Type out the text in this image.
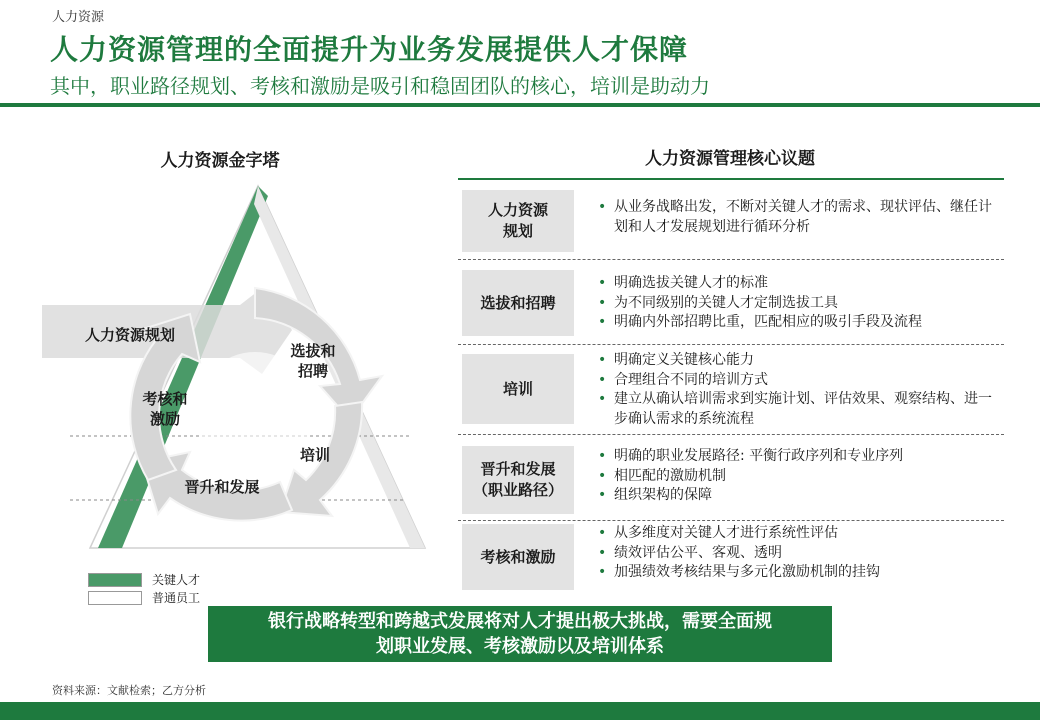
人力资源
人力资源管理的全面提升为业务发展提供人才保障
其中，职业路径规划、考核和激励是吸引和稳固团队的核心，培训是助动力
人力资源金字塔
人力资源规划
选拔和
招聘
培训
晋升和发展
考核和
激励
关键人才
普通员工
人力资源管理核心议题
人力资源
规划
• 从业务战略出发，不断对关键人才的需求、现状评估、继任计划和人才发展规划进行循环分析
选拔和招聘
• 明确选拔关键人才的标准
• 为不同级别的关键人才定制选拔工具
• 明确内外部招聘比重，匹配相应的吸引手段及流程
培训
• 明确定义关键核心能力
• 合理组合不同的培训方式
• 建立从确认培训需求到实施计划、评估效果、观察结构、进一步确认需求的系统流程
晋升和发展
（职业路径）
• 明确的职业发展路径: 平衡行政序列和专业序列
• 相匹配的激励机制
• 组织架构的保障
考核和激励
• 从多维度对关键人才进行系统性评估
• 绩效评估公平、客观、透明
• 加强绩效考核结果与多元化激励机制的挂钩
银行战略转型和跨越式发展将对人才提出极大挑战，需要全面规
划职业发展、考核激励以及培训体系
资料来源：文献检索；乙方分析
